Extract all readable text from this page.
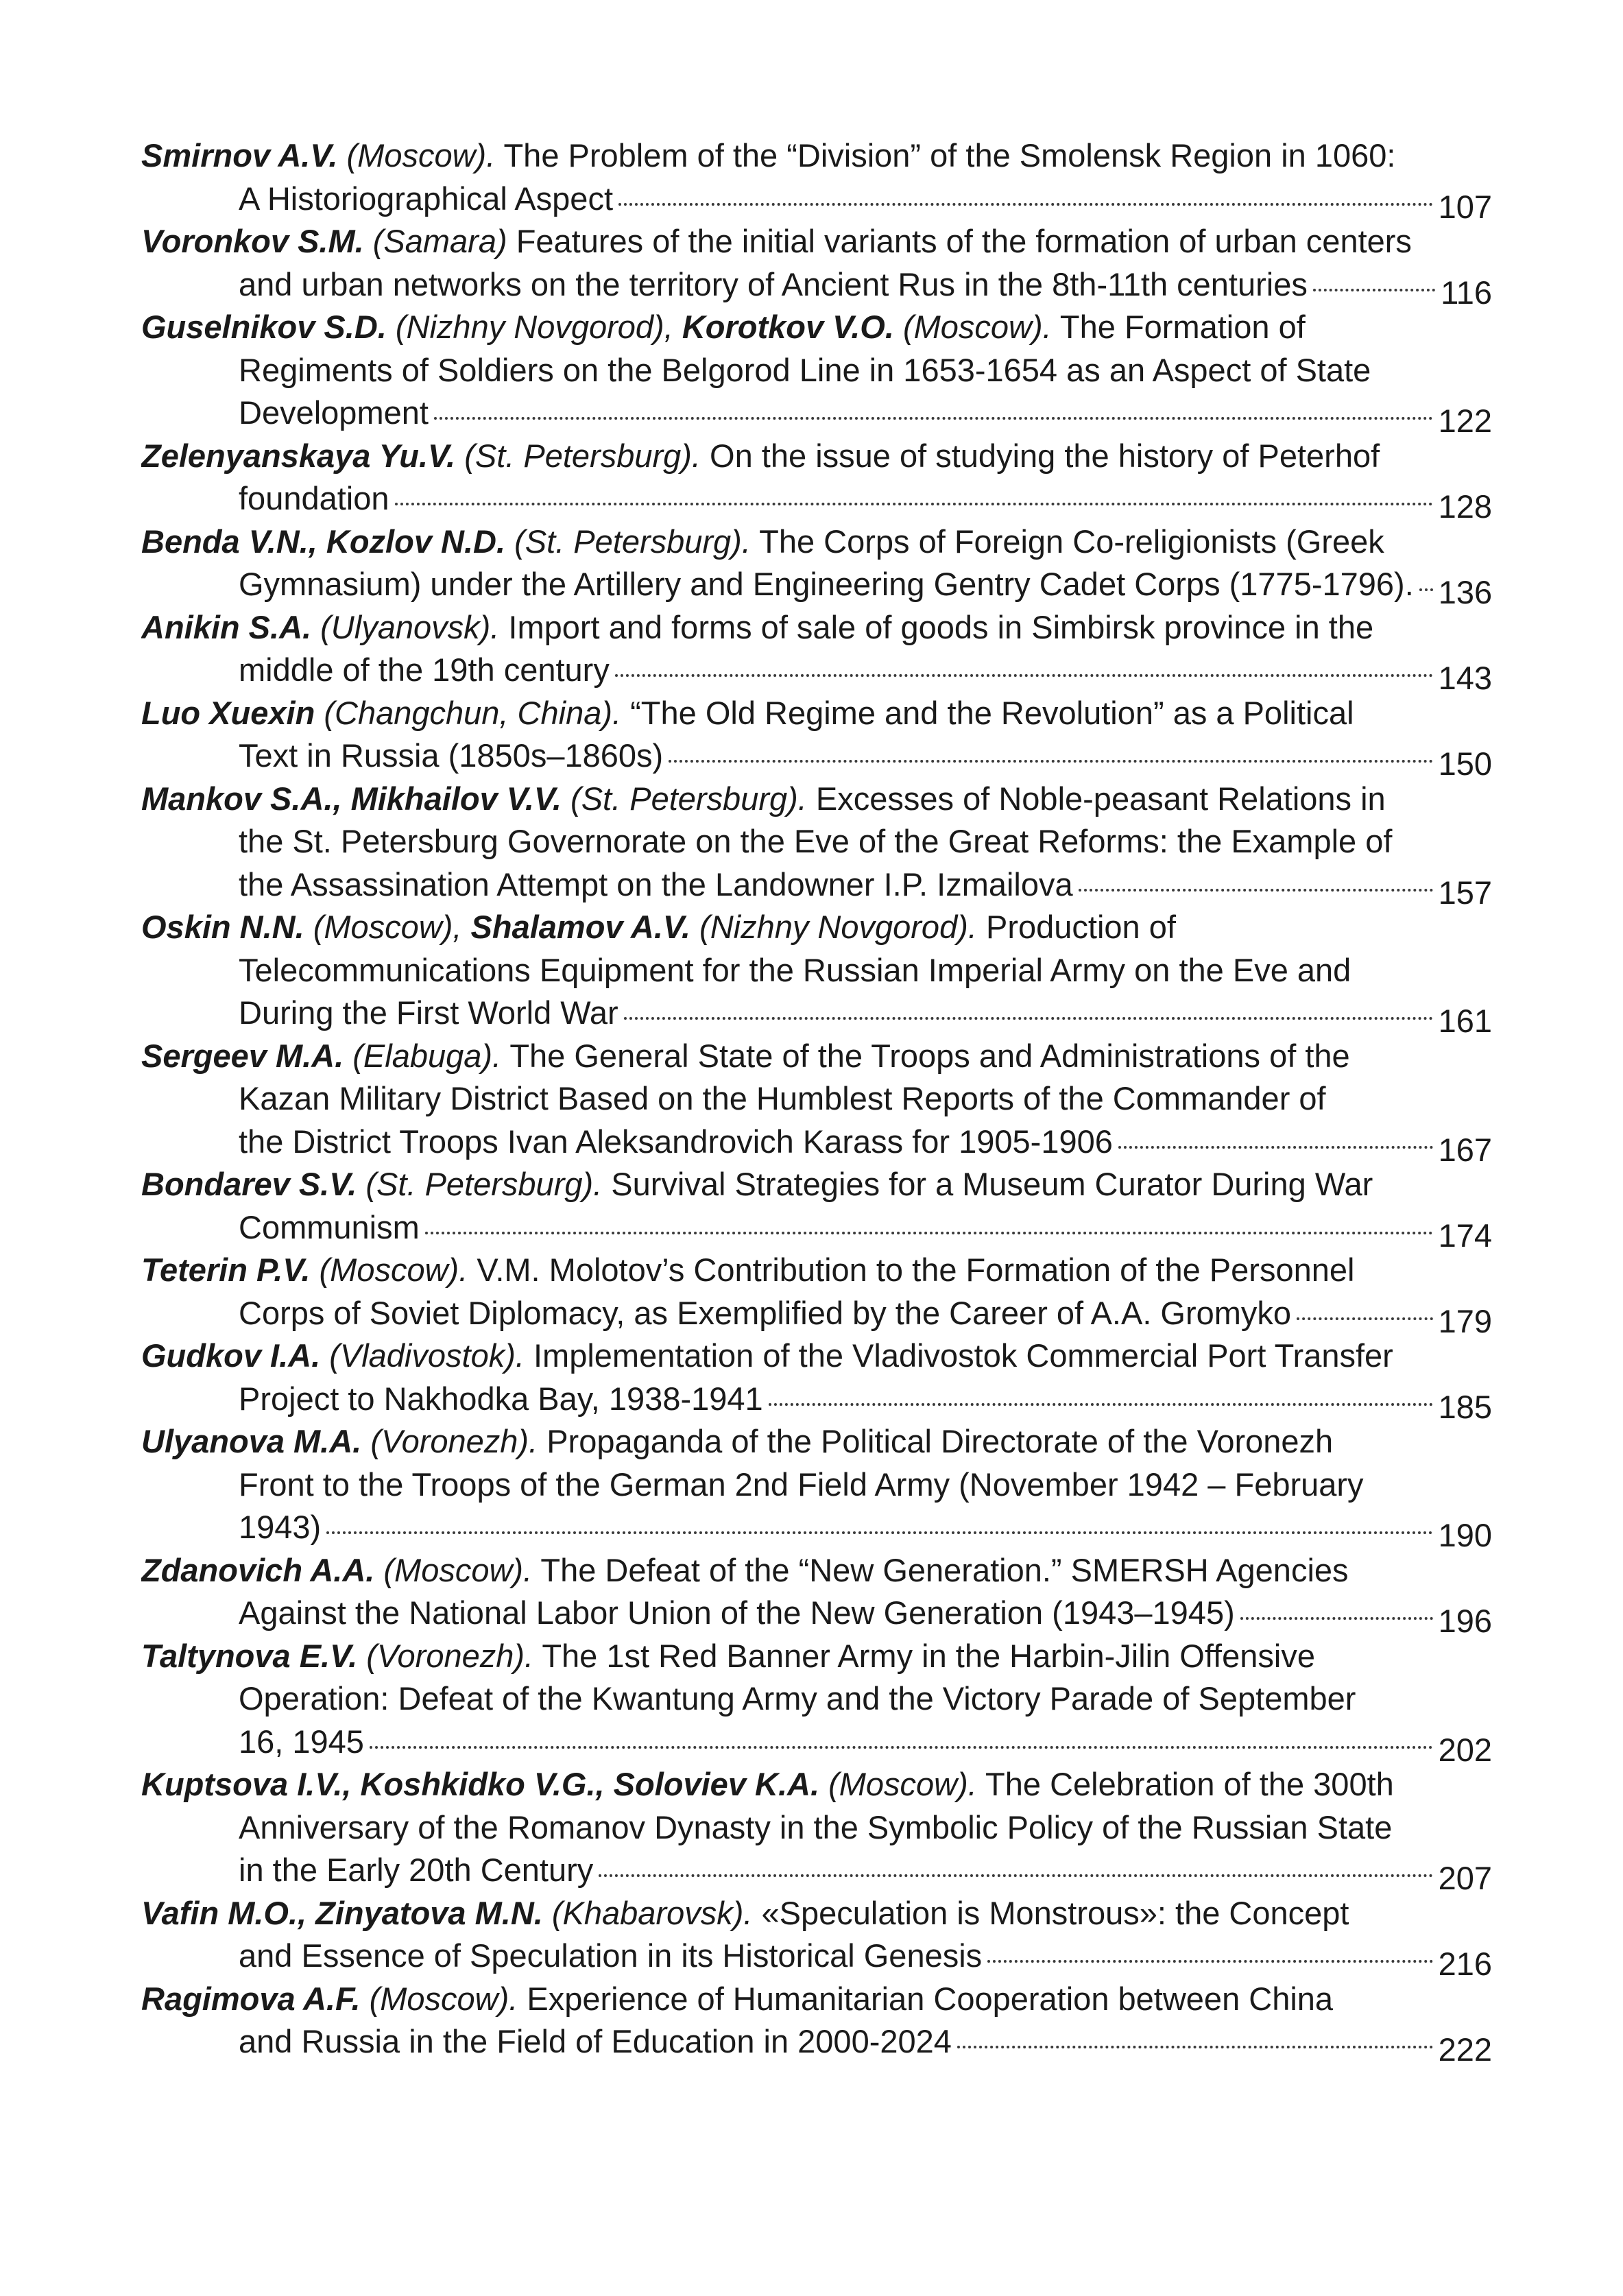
Smirnov A.V. (Moscow). The Problem of the “Division” of the Smolensk Region in 1060:
A Historiographical Aspect	107
Voronkov S.M. (Samara) Features of the initial variants of the formation of urban centers
and urban networks on the territory of Ancient Rus in the 8th-11th centuries	116
Guselnikov S.D. (Nizhny Novgorod), Korotkov V.O. (Moscow). The Formation of
Regiments of Soldiers on the Belgorod Line in 1653-1654 as an Aspect of State
Development	122
Zelenyanskaya Yu.V. (St. Petersburg). On the issue of studying the history of Peterhof
foundation	128
Benda V.N., Kozlov N.D. (St. Petersburg). The Corps of Foreign Co-religionists (Greek
Gymnasium) under the Artillery and Engineering Gentry Cadet Corps (1775-1796). 136
Anikin S.A. (Ulyanovsk). Import and forms of sale of goods in Simbirsk province in the
middle of the 19th century	143
Luo Xuexin (Changchun, China). “The Old Regime and the Revolution” as a Political
Text in Russia (1850s–1860s)	150
Mankov S.A., Mikhailov V.V. (St. Petersburg). Excesses of Noble-peasant Relations in
the St. Petersburg Governorate on the Eve of the Great Reforms: the Example of
the Assassination Attempt on the Landowner I.P. Izmailova	157
Oskin N.N. (Moscow), Shalamov A.V. (Nizhny Novgorod). Production of
Telecommunications Equipment for the Russian Imperial Army on the Eve and
During the First World War	161
Sergeev M.A. (Elabuga). The General State of the Troops and Administrations of the
Kazan Military District Based on the Humblest Reports of the Commander of
the District Troops Ivan Aleksandrovich Karass for 1905-1906	167
Bondarev S.V. (St. Petersburg). Survival Strategies for a Museum Curator During War
Communism	174
Teterin P.V. (Moscow). V.M. Molotov’s Contribution to the Formation of the Personnel
Corps of Soviet Diplomacy, as Exemplified by the Career of A.A. Gromyko	179
Gudkov I.A. (Vladivostok). Implementation of the Vladivostok Commercial Port Transfer
Project to Nakhodka Bay, 1938-1941	185
Ulyanova M.A. (Voronezh). Propaganda of the Political Directorate of the Voronezh
Front to the Troops of the German 2nd Field Army (November 1942 – February
1943)	190
Zdanovich A.A. (Moscow). The Defeat of the “New Generation.” SMERSH Agencies
Against the National Labor Union of the New Generation (1943–1945)	196
Taltynova E.V. (Voronezh). The 1st Red Banner Army in the Harbin-Jilin Offensive
Operation: Defeat of the Kwantung Army and the Victory Parade of September
16, 1945	202
Kuptsova I.V., Koshkidko V.G., Soloviev K.A. (Moscow). The Celebration of the 300th
Anniversary of the Romanov Dynasty in the Symbolic Policy of the Russian State
in the Early 20th Century	207
Vafin M.O., Zinyatova M.N. (Khabarovsk). «Speculation is Monstrous»: the Concept
and Essence of Speculation in its Historical Genesis	216
Ragimova A.F. (Moscow). Experience of Humanitarian Cooperation between China
and Russia in the Field of Education in 2000-2024	222
